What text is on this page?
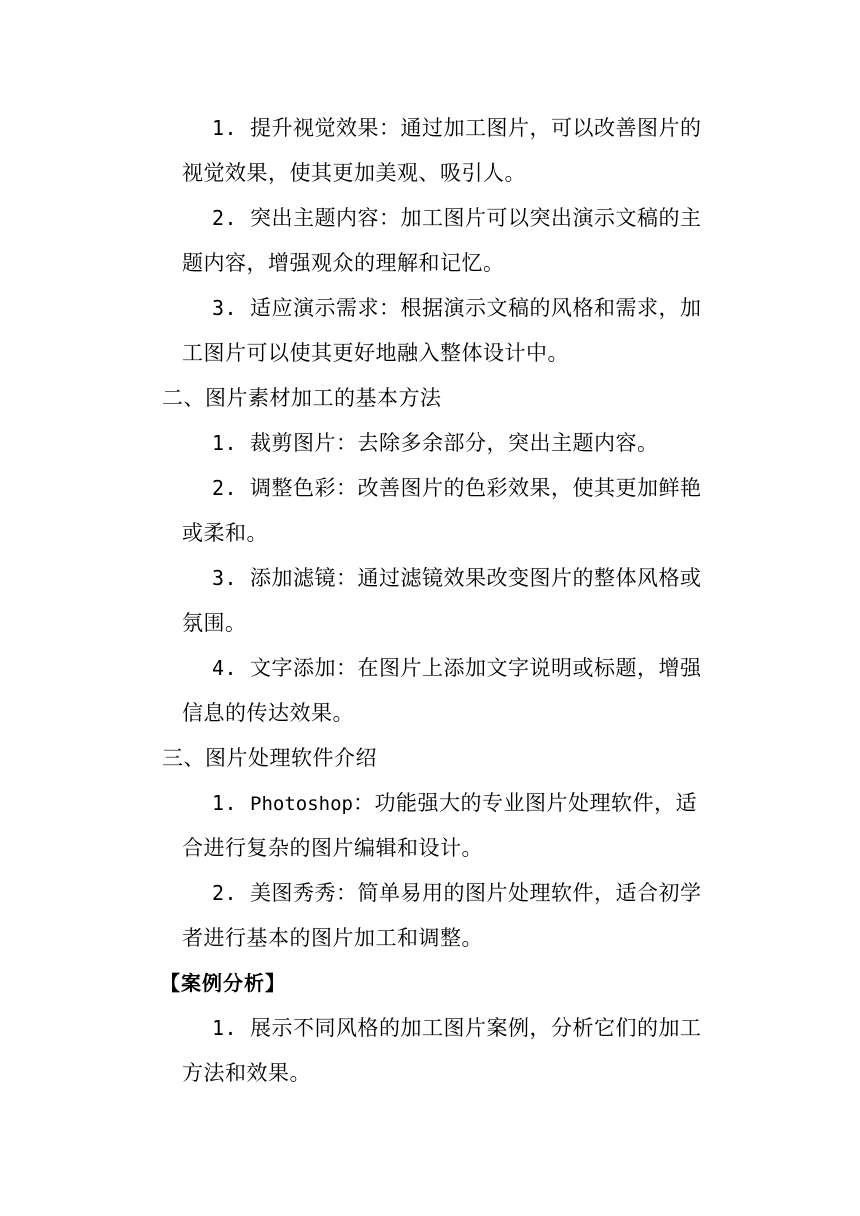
1. 提升视觉效果：通过加工图片，可以改善图片的
视觉效果，使其更加美观、吸引人。
2. 突出主题内容：加工图片可以突出演示文稿的主
题内容，增强观众的理解和记忆。
3. 适应演示需求：根据演示文稿的风格和需求，加
工图片可以使其更好地融入整体设计中。
二、图片素材加工的基本方法
1. 裁剪图片：去除多余部分，突出主题内容。
2. 调整色彩：改善图片的色彩效果，使其更加鲜艳
或柔和。
3. 添加滤镜：通过滤镜效果改变图片的整体风格或
氛围。
4. 文字添加：在图片上添加文字说明或标题，增强
信息的传达效果。
三、图片处理软件介绍
1. Photoshop：功能强大的专业图片处理软件，适
合进行复杂的图片编辑和设计。
2. 美图秀秀：简单易用的图片处理软件，适合初学
者进行基本的图片加工和调整。
【案例分析】
1. 展示不同风格的加工图片案例，分析它们的加工
方法和效果。
